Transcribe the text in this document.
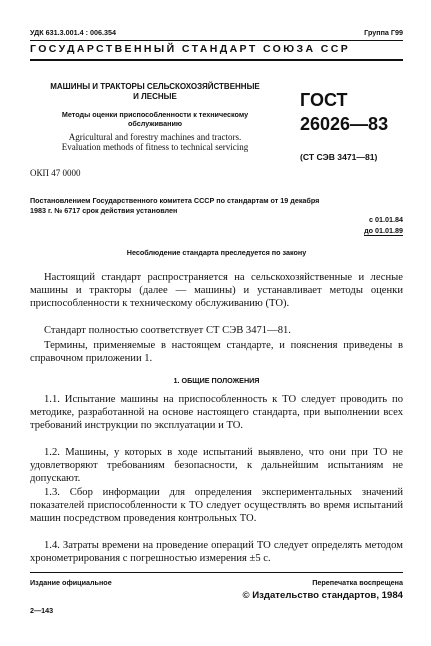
УДК 631.3.001.4 : 006.354	Группа Г99
ГОСУДАРСТВЕННЫЙ СТАНДАРТ СОЮЗА ССР
МАШИНЫ И ТРАКТОРЫ СЕЛЬСКОХОЗЯЙСТВЕННЫЕ
И ЛЕСНЫЕ
Методы оценки приспособленности к техническому
обслуживанию
Agricultural and forestry machines and tractors.
Evaluation methods of fitness to technical servicing
ГОСТ
26026—83
(СТ СЭВ 3471—81)
ОКП 47 0000
Постановлением Государственного комитета СССР по стандартам от 19 декабря
1983 г. № 6717 срок действия установлен
с 01.01.84
до 01.01.89
Несоблюдение стандарта преследуется по закону

Настоящий стандарт распространяется на сельскохозяйственные и лесные машины и тракторы (далее — машины) и устанавливает методы оценки приспособленности к техническому обслуживанию (ТО).

Стандарт полностью соответствует СТ СЭВ 3471—81.

Термины, применяемые в настоящем стандарте, и пояснения приведены в справочном приложении 1.

1. ОБЩИЕ ПОЛОЖЕНИЯ

1.1. Испытание машины на приспособленность к ТО следует проводить по методике, разработанной на основе настоящего стандарта, при выполнении всех требований инструкции по эксплуатации и ТО.

1.2. Машины, у которых в ходе испытаний выявлено, что они при ТО не удовлетворяют требованиям безопасности, к дальнейшим испытаниям не допускают.

1.3. Сбор информации для определения экспериментальных значений показателей приспособленности к ТО следует осуществлять во время испытаний машин посредством проведения контрольных ТО.

1.4. Затраты времени на проведение операций ТО следует определять методом хронометрирования с погрешностью измерения ±5 с.

Издание официальное	Перепечатка воспрещена
© Издательство стандартов, 1984
2—143
